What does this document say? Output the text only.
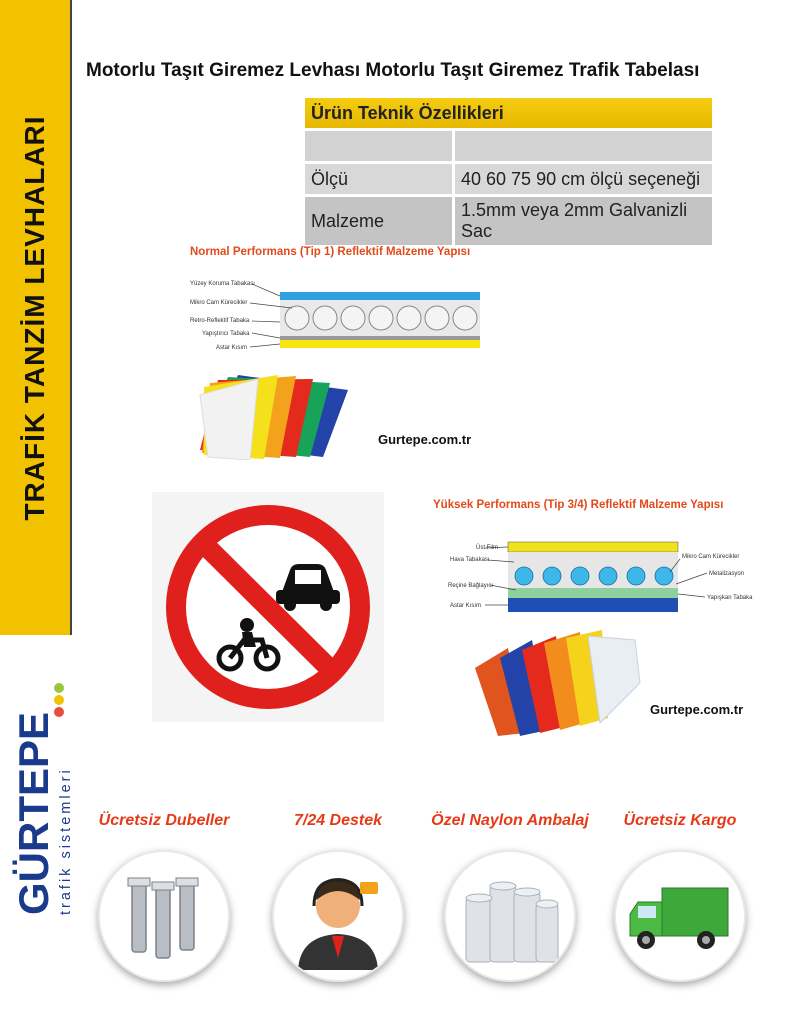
TRAFİK TANZİM LEVHALARI
GÜRTEPE trafik sistemleri
Motorlu Taşıt Giremez Levhası Motorlu Taşıt Giremez Trafik Tabelası
Ürün Teknik Özellikleri	

Ölçü	40 60 75 90 cm ölçü seçeneği
Malzeme	1.5mm veya 2mm Galvanizli Sac
Normal Performans (Tip 1) Reflektif Malzeme Yapısı
Yüzey Koruma Tabakası
Mikro Cam Kürecikler
Retro-Reflektif Tabaka
Yapıştırıcı Tabaka
Astar Kısım
Gurtepe.com.tr
Yüksek Performans (Tip 3/4) Reflektif Malzeme Yapısı
Üst Film
Hava Tabakası
Reçine Bağlayıcı
Astar Kısım
Mikro Cam Kürecikler
Metalizasyon
Yapışkan Tabaka
Gurtepe.com.tr
Ücretsiz Dubeller	7/24 Destek	Özel Naylon Ambalaj	Ücretsiz Kargo
